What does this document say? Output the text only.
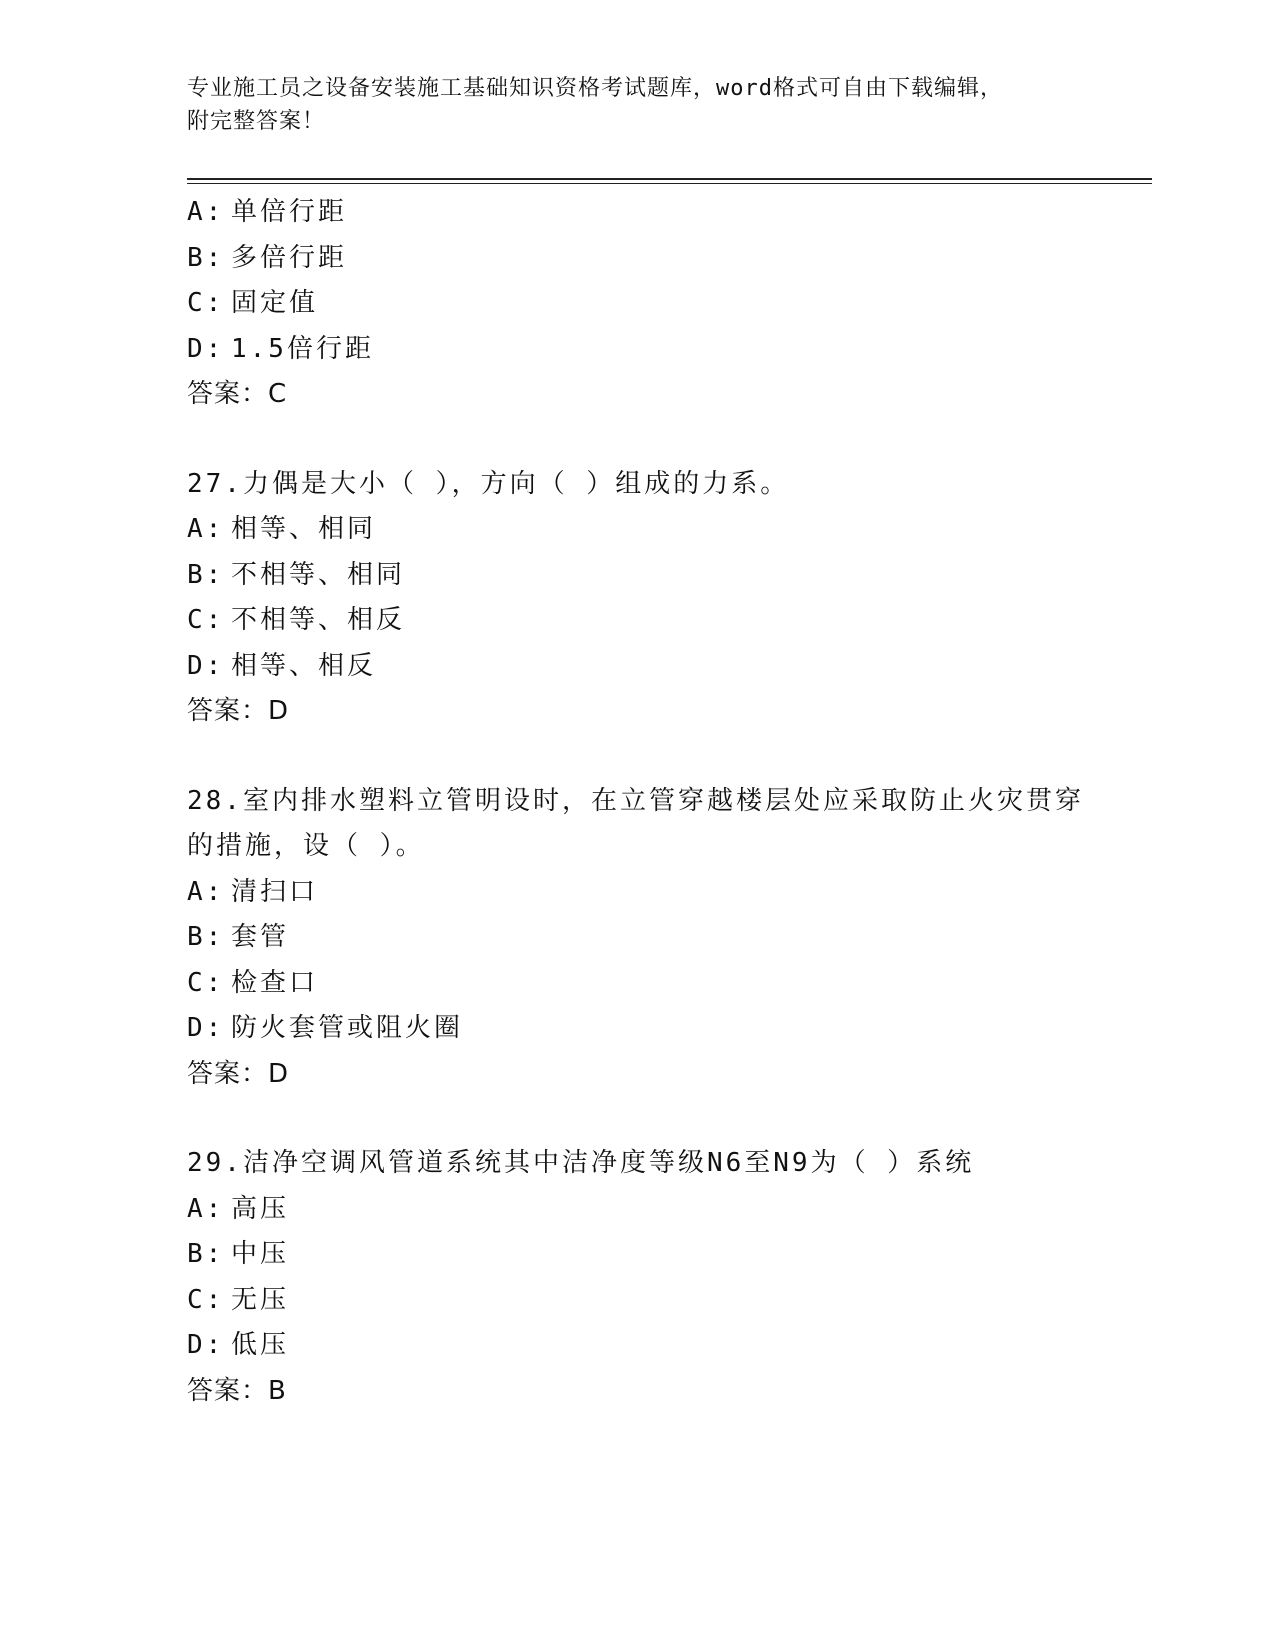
专业施工员之设备安装施工基础知识资格考试题库，word格式可自由下载编辑，
附完整答案！
A: 单倍行距
B: 多倍行距
C: 固定值
D: 1.5倍行距
答案：C
27.力偶是大小（ ），方向（ ）组成的力系。
A: 相等、相同
B: 不相等、相同
C: 不相等、相反
D: 相等、相反
答案：D
28.室内排水塑料立管明设时，在立管穿越楼层处应采取防止火灾贯穿
的措施，设（ ）。
A: 清扫口
B: 套管
C: 检查口
D: 防火套管或阻火圈
答案：D
29.洁净空调风管道系统其中洁净度等级N6至N9为（ ）系统
A: 高压
B: 中压
C: 无压
D: 低压
答案：B
